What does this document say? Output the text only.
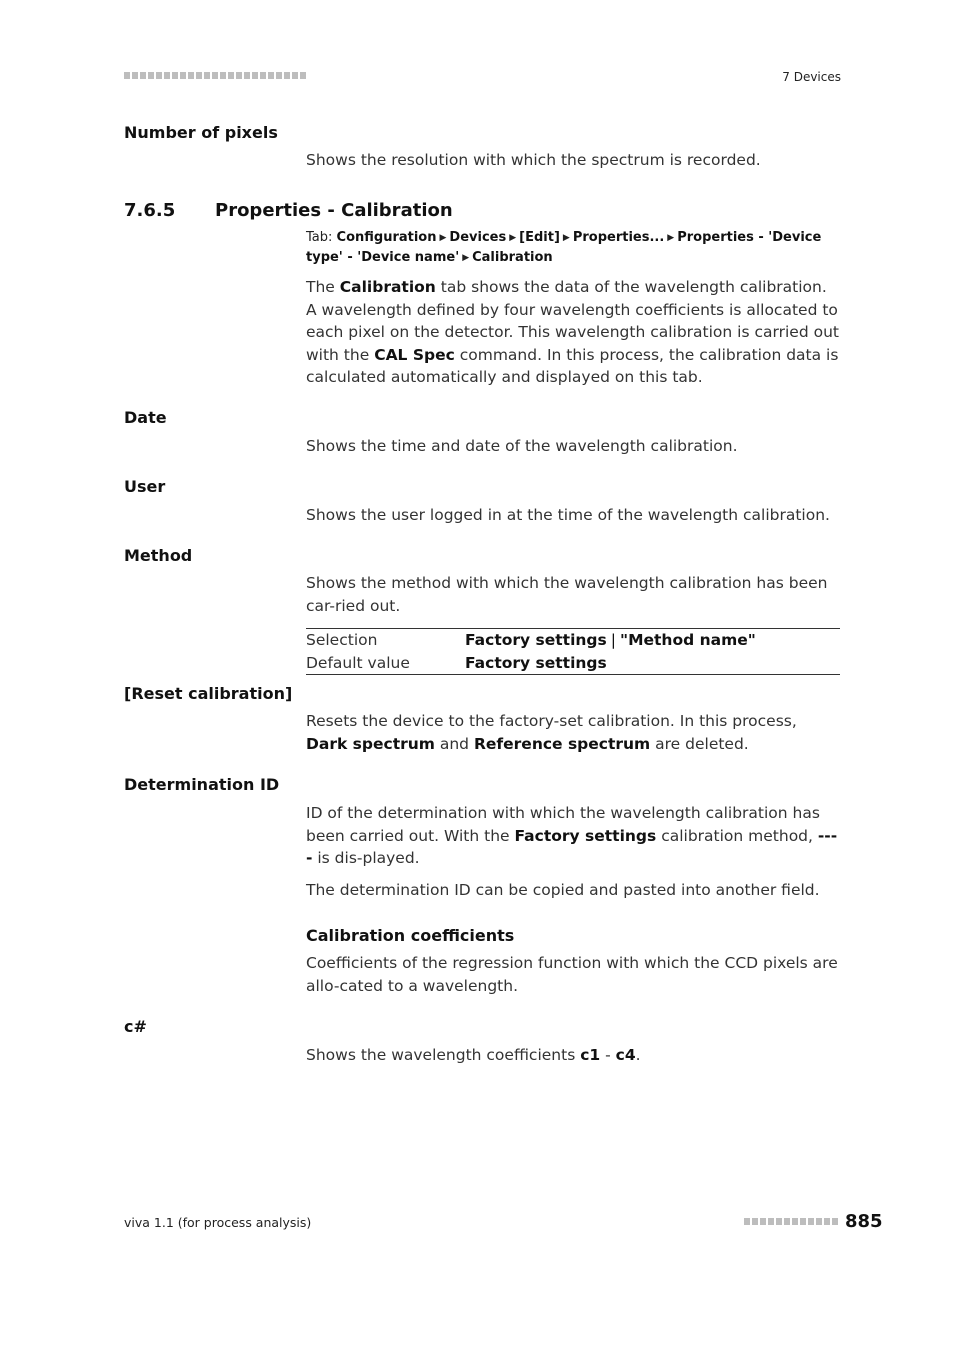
7 Devices
Number of pixels
Shows the resolution with which the spectrum is recorded.
7.6.5 Properties - Calibration
Tab: Configuration ▶ Devices ▶ [Edit] ▶ Properties... ▶ Properties - 'Device type' - 'Device name' ▶ Calibration
The Calibration tab shows the data of the wavelength calibration. A wavelength defined by four wavelength coefficients is allocated to each pixel on the detector. This wavelength calibration is carried out with the CAL Spec command. In this process, the calibration data is calculated automatically and displayed on this tab.
Date
Shows the time and date of the wavelength calibration.
User
Shows the user logged in at the time of the wavelength calibration.
Method
Shows the method with which the wavelength calibration has been car-ried out.
Selection	Factory settings | "Method name"
Default value	Factory settings
[Reset calibration]
Resets the device to the factory-set calibration. In this process, Dark spectrum and Reference spectrum are deleted.
Determination ID
ID of the determination with which the wavelength calibration has been carried out. With the Factory settings calibration method, ---- is dis-played.
The determination ID can be copied and pasted into another field.
Calibration coefficients
Coefficients of the regression function with which the CCD pixels are allo-cated to a wavelength.
c#
Shows the wavelength coefficients c1 - c4.
viva 1.1 (for process analysis)	885
